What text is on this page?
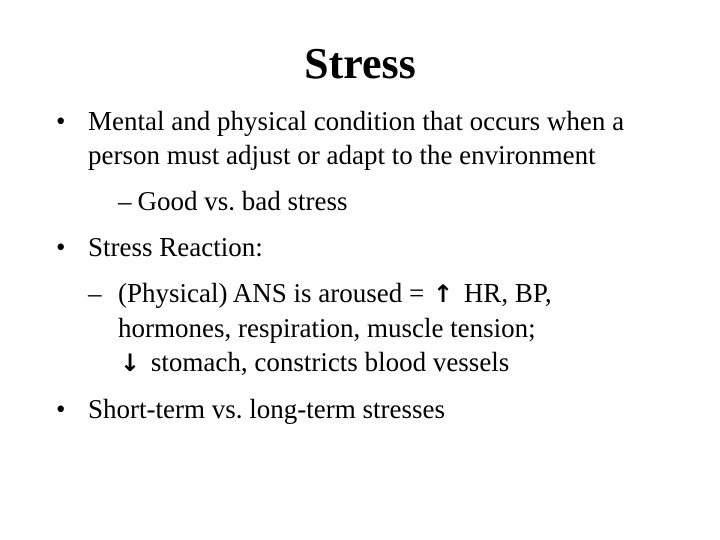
Stress
• Mental and physical condition that occurs when a person must adjust or adapt to the environment
– Good vs. bad stress
• Stress Reaction:
– (Physical) ANS is aroused = ↑ HR, BP, hormones, respiration, muscle tension;
↓ stomach, constricts blood vessels
• Short-term vs. long-term stresses
